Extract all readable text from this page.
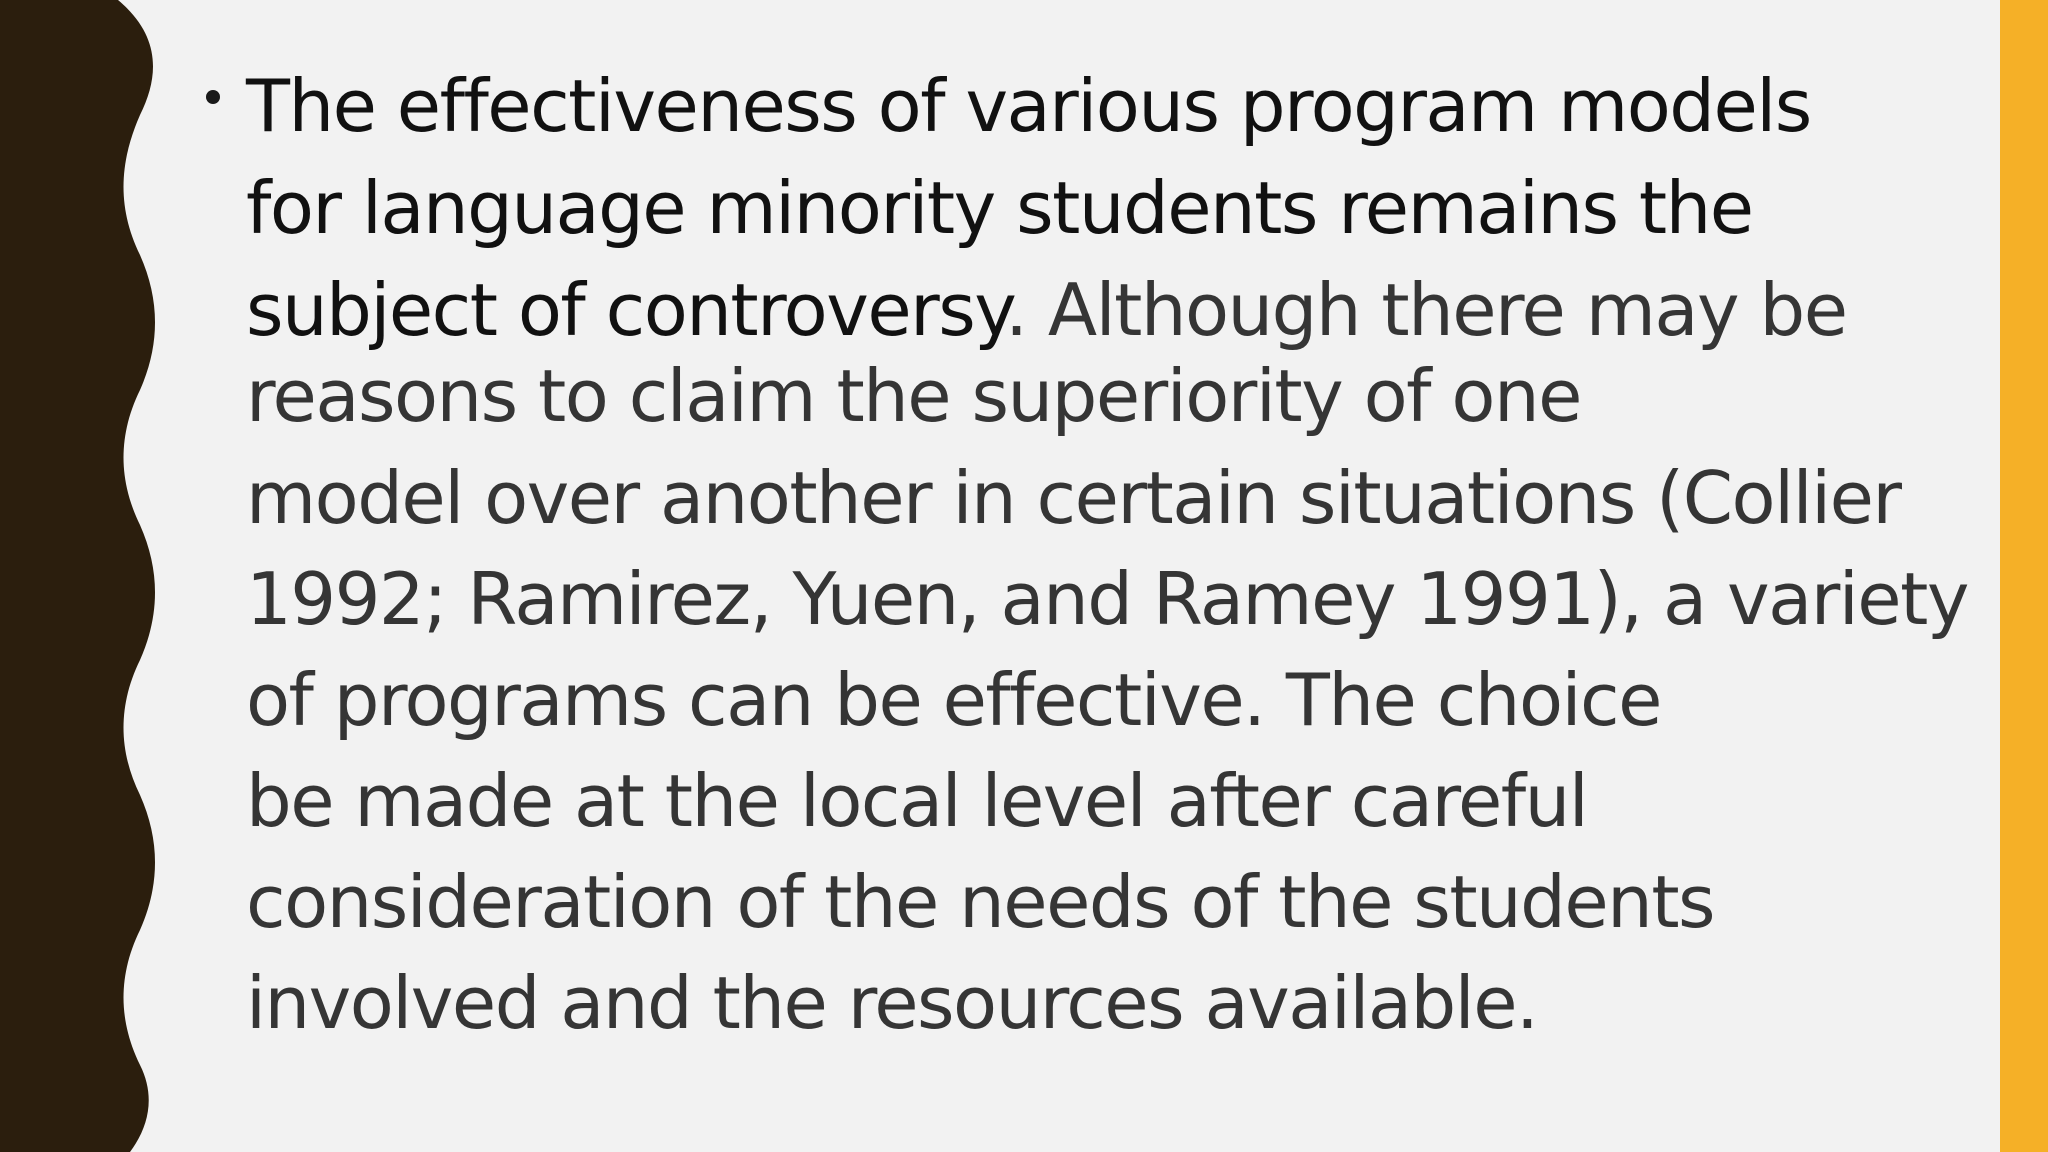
The effectiveness of various program models
for language minority students remains the
subject of controversy. Although there may be
reasons to claim the superiority of one
model over another in certain situations (Collier
1992; Ramirez, Yuen, and Ramey 1991), a variety
of programs can be effective. The choice
be made at the local level after careful
consideration of the needs of the students
involved and the resources available.
